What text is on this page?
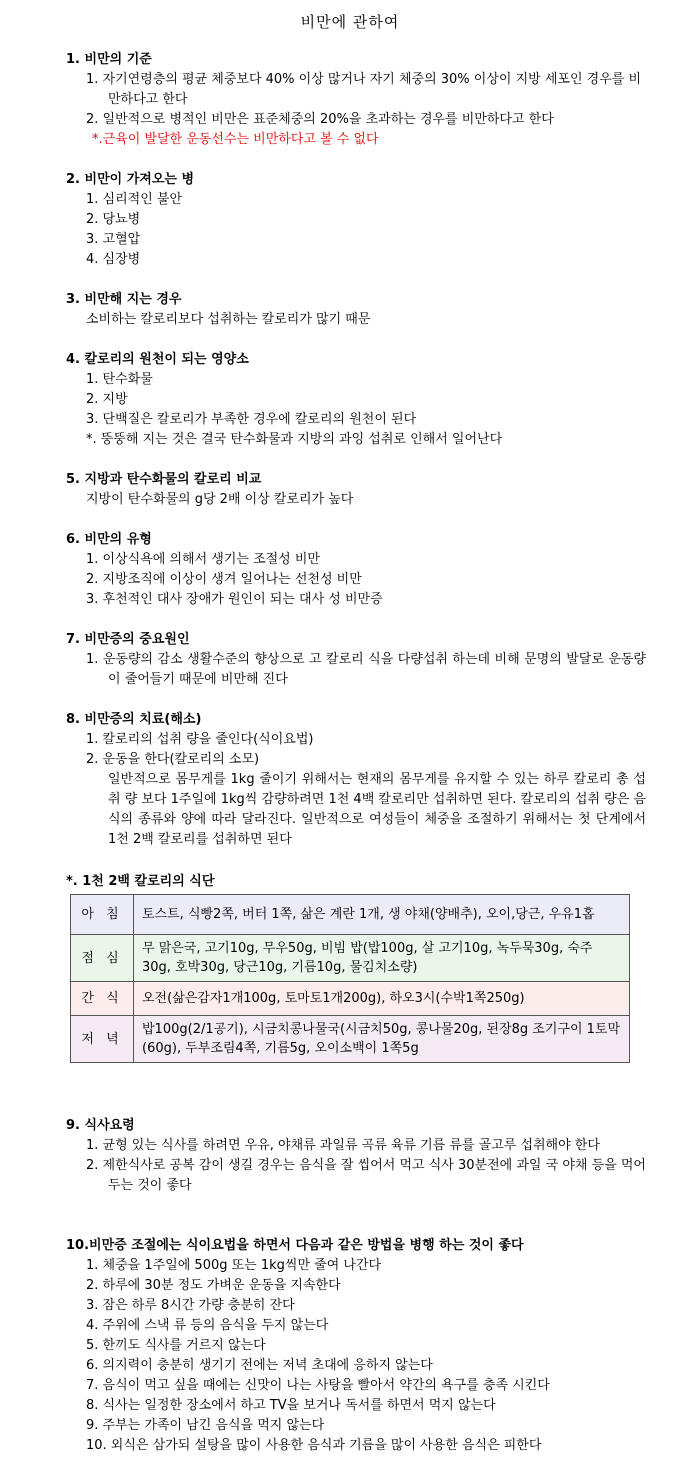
비만에 관하여
1. 비만의 기준
1. 자기연령층의 평균 체중보다 40% 이상 많거나 자기 체중의 30% 이상이 지방 세포인 경우를 비만하다고 한다
2. 일반적으로 병적인 비만은 표준체중의 20%을 초과하는 경우를 비만하다고 한다
*.근육이 발달한 운동선수는 비만하다고 볼 수 없다
2. 비만이 가져오는 병
1. 심리적인 불안
2. 당뇨병
3. 고혈압
4. 심장병
3. 비만해 지는 경우
소비하는 칼로리보다 섭취하는 칼로리가 많기 때문
4. 칼로리의 원천이 되는 영양소
1. 탄수화물
2. 지방
3. 단백질은 칼로리가 부족한 경우에 칼로리의 원천이 된다
*. 뚱뚱해 지는 것은 결국 탄수화물과 지방의 과잉 섭취로 인해서 일어난다
5. 지방과 탄수화물의 칼로리 비교
지방이 탄수화물의 g당 2배 이상 칼로리가 높다
6. 비만의 유형
1. 이상식욕에 의해서 생기는 조절성 비만
2. 지방조직에 이상이 생겨 일어나는 선천성 비만
3. 후천적인 대사 장애가 원인이 되는 대사 성 비만증
7. 비만증의 중요원인
1. 운동량의 감소 생활수준의 향상으로 고 칼로리 식을 다량섭취 하는데 비해 문명의 발달로 운동량이 줄어들기 때문에 비만해 진다
8. 비만증의 치료(해소)
1. 칼로리의 섭취 량을 줄인다(식이요법)
2. 운동을 한다(칼로리의 소모)
일반적으로 몸무게를 1kg 줄이기 위해서는 현재의 몸무게를 유지할 수 있는 하루 칼로리 총 섭취 량 보다 1주일에 1kg씩 감량하려면 1천 4백 칼로리만 섭취하면 된다. 칼로리의 섭취 량은 음식의 종류와 양에 따라 달라진다. 일반적으로 여성들이 체중을 조절하기 위해서는 첫 단계에서 1천 2백 칼로리를 섭취하면 된다
*. 1천 2백 칼로리의 식단
아 침	토스트, 식빵2쪽, 버터 1쪽, 삶은 계란 1개, 생 야채(양배추), 오이,당근, 우유1홉
점 심	무 맑은국, 고기10g, 무우50g, 비빔 밥(밥100g, 살 고기10g, 녹두묵30g, 숙주30g, 호박30g, 당근10g, 기름10g, 물김치소량)
간 식	오전(삶은감자1개100g, 토마토1개200g), 하오3시(수박1쪽250g)
저 녁	밥100g(2/1공기), 시금치콩나물국(시금치50g, 콩나물20g, 된장8g 조기구이 1토막(60g), 두부조림4쪽, 기름5g, 오이소백이 1쪽5g
9. 식사요령
1. 균형 있는 식사를 하려면 우유, 야채류 과일류 곡류 육류 기름 류를 골고루 섭취해야 한다
2. 제한식사로 공복 감이 생길 경우는 음식을 잘 씹어서 먹고 식사 30분전에 과일 국 야채 등을 먹어두는 것이 좋다
10.비만증 조절에는 식이요법을 하면서 다음과 같은 방법을 병행 하는 것이 좋다
1. 체중을 1주일에 500g 또는 1kg씩만 줄여 나간다
2. 하루에 30분 정도 가벼운 운동을 지속한다
3. 잠은 하루 8시간 가량 충분히 잔다
4. 주위에 스낵 류 등의 음식을 두지 않는다
5. 한끼도 식사를 거르지 않는다
6. 의지력이 충분히 생기기 전에는 저녁 초대에 응하지 않는다
7. 음식이 먹고 싶을 때에는 신맛이 나는 사탕을 빨아서 약간의 욕구를 충족 시킨다
8. 식사는 일정한 장소에서 하고 TV을 보거나 독서를 하면서 먹지 않는다
9. 주부는 가족이 남긴 음식을 먹지 않는다
10. 외식은 삼가되 설탕을 많이 사용한 음식과 기름을 많이 사용한 음식은 피한다
